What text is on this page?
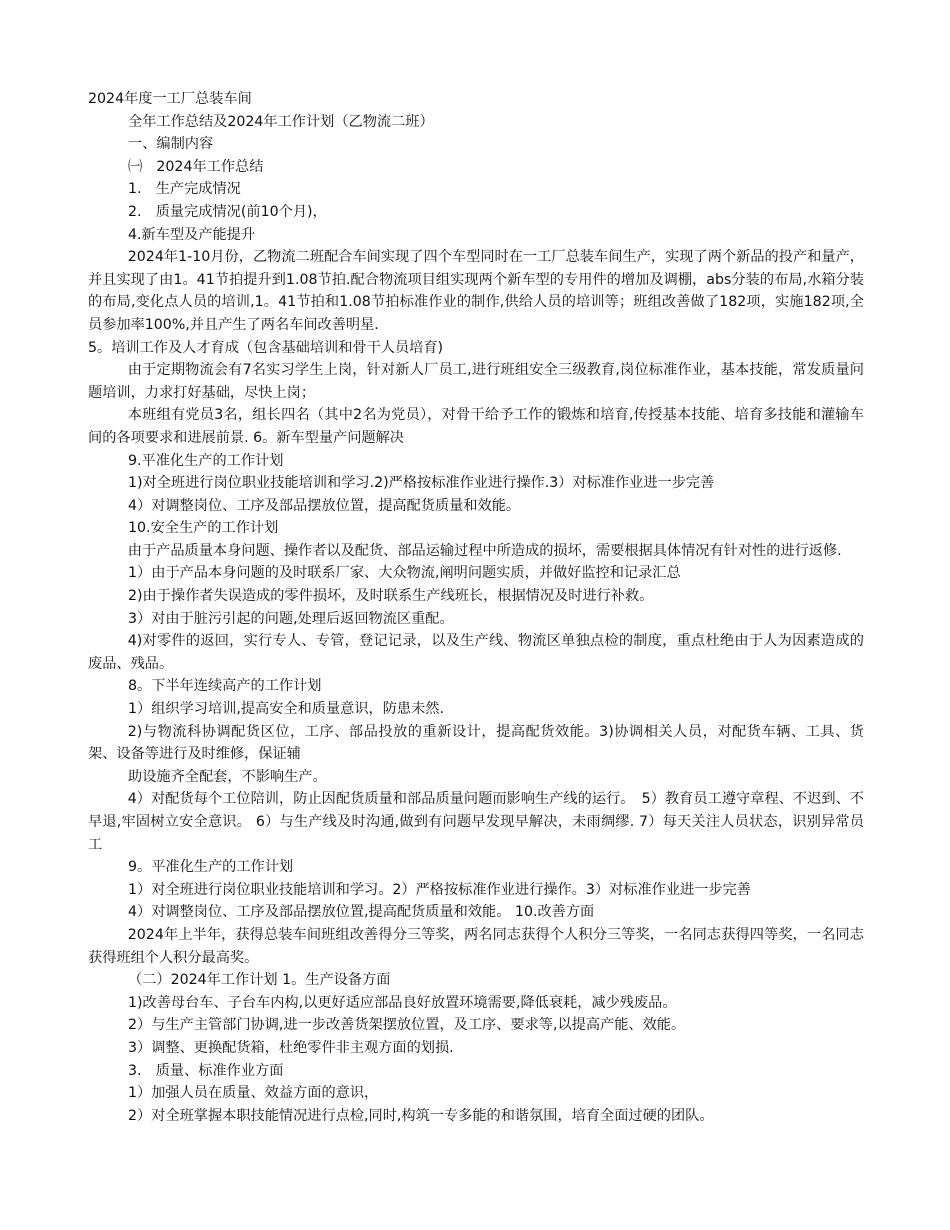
2024年度一工厂总装车间

全年工作总结及2024年工作计划（乙物流二班）

一、编制内容

㈠　2024年工作总结

1.　生产完成情况

2.　质量完成情况(前10个月)，

4.新车型及产能提升

2024年1-10月份，乙物流二班配合车间实现了四个车型同时在一工厂总装车间生产，实现了两个新品的投产和量产，并且实现了由1。41节拍提升到1.08节拍.配合物流项目组实现两个新车型的专用件的增加及调棚，abs分装的布局,水箱分装的布局,变化点人员的培训,1。41节拍和1.08节拍标准作业的制作,供给人员的培训等；班组改善做了182项，实施182项,全员参加率100%,并且产生了两名车间改善明星.

5。培训工作及人才育成（包含基础培训和骨干人员培育)

由于定期物流会有7名实习学生上岗，针对新人厂员工,进行班组安全三级教育,岗位标准作业，基本技能，常发质量问题培训，力求打好基础，尽快上岗；

本班组有党员3名，组长四名（其中2名为党员），对骨干给予工作的锻炼和培育,传授基本技能、培育多技能和灌输车间的各项要求和进展前景. 6。新车型量产问题解决

9.平准化生产的工作计划

1)对全班进行岗位职业技能培训和学习.2)严格按标准作业进行操作.3）对标准作业进一步完善

4）对调整岗位、工序及部品摆放位置，提高配货质量和效能。

10.安全生产的工作计划

由于产品质量本身问题、操作者以及配货、部品运输过程中所造成的损坏，需要根据具体情况有针对性的进行返修.

1）由于产品本身问题的及时联系厂家、大众物流,阐明问题实质，并做好监控和记录汇总

2)由于操作者失误造成的零件损坏，及时联系生产线班长，根据情况及时进行补救。

3）对由于脏污引起的问题,处理后返回物流区重配。

4)对零件的返回，实行专人、专管，登记记录，以及生产线、物流区单独点检的制度，重点杜绝由于人为因素造成的废品、残品。

8。下半年连续高产的工作计划

1）组织学习培训,提高安全和质量意识，防患未然.

2)与物流科协调配货区位，工序、部品投放的重新设计，提高配货效能。3)协调相关人员，对配货车辆、工具、货架、设备等进行及时维修，保证辅

助设施齐全配套，不影响生产。

4）对配货每个工位陪训，防止因配货质量和部品质量问题而影响生产线的运行。　5）教育员工遵守章程、不迟到、不早退,牢固树立安全意识。 6）与生产线及时沟通,做到有问题早发现早解决，未雨绸缪. 7）每天关注人员状态，识别异常员工

9。平准化生产的工作计划

1）对全班进行岗位职业技能培训和学习。2）严格按标准作业进行操作。3）对标准作业进一步完善

4）对调整岗位、工序及部品摆放位置,提高配货质量和效能。 10.改善方面

2024年上半年，获得总装车间班组改善得分三等奖，两名同志获得个人积分三等奖，一名同志获得四等奖，一名同志获得班组个人积分最高奖。

（二）2024年工作计划 1。生产设备方面

1)改善母台车、子台车内构,以更好适应部品良好放置环境需要,降低衰耗，减少残废品。

2）与生产主管部门协调,进一步改善货架摆放位置，及工序、要求等,以提高产能、效能。

3）调整、更换配货箱，杜绝零件非主观方面的划损.

3.　质量、标准作业方面

1）加强人员在质量、效益方面的意识，

2）对全班掌握本职技能情况进行点检,同时,构筑一专多能的和谐氛围，培育全面过硬的团队。
